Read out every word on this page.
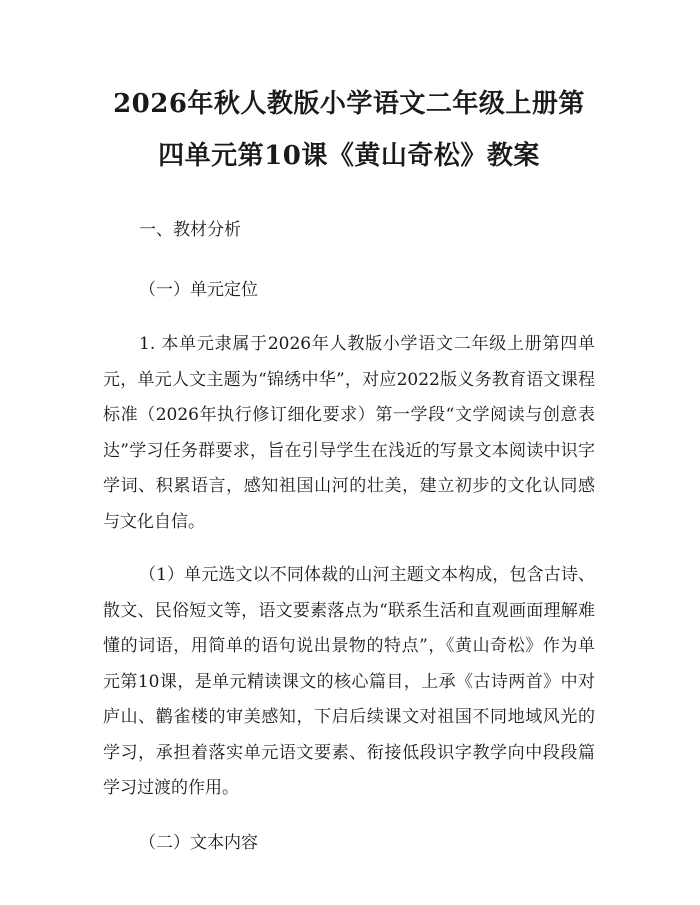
2026年秋人教版小学语文二年级上册第四单元第10课《黄山奇松》教案

一、教材分析

（一）单元定位

1. 本单元隶属于2026年人教版小学语文二年级上册第四单元，单元人文主题为“锦绣中华”，对应2022版义务教育语文课程标准（2026年执行修订细化要求）第一学段“文学阅读与创意表达”学习任务群要求，旨在引导学生在浅近的写景文本阅读中识字学词、积累语言，感知祖国山河的壮美，建立初步的文化认同感与文化自信。

（1）单元选文以不同体裁的山河主题文本构成，包含古诗、散文、民俗短文等，语文要素落点为“联系生活和直观画面理解难懂的词语，用简单的语句说出景物的特点”，《黄山奇松》作为单元第10课，是单元精读课文的核心篇目，上承《古诗两首》中对庐山、鹳雀楼的审美感知，下启后续课文对祖国不同地域风光的学习，承担着落实单元语文要素、衔接低段识字教学向中段段篇学习过渡的作用。

（二）文本内容
